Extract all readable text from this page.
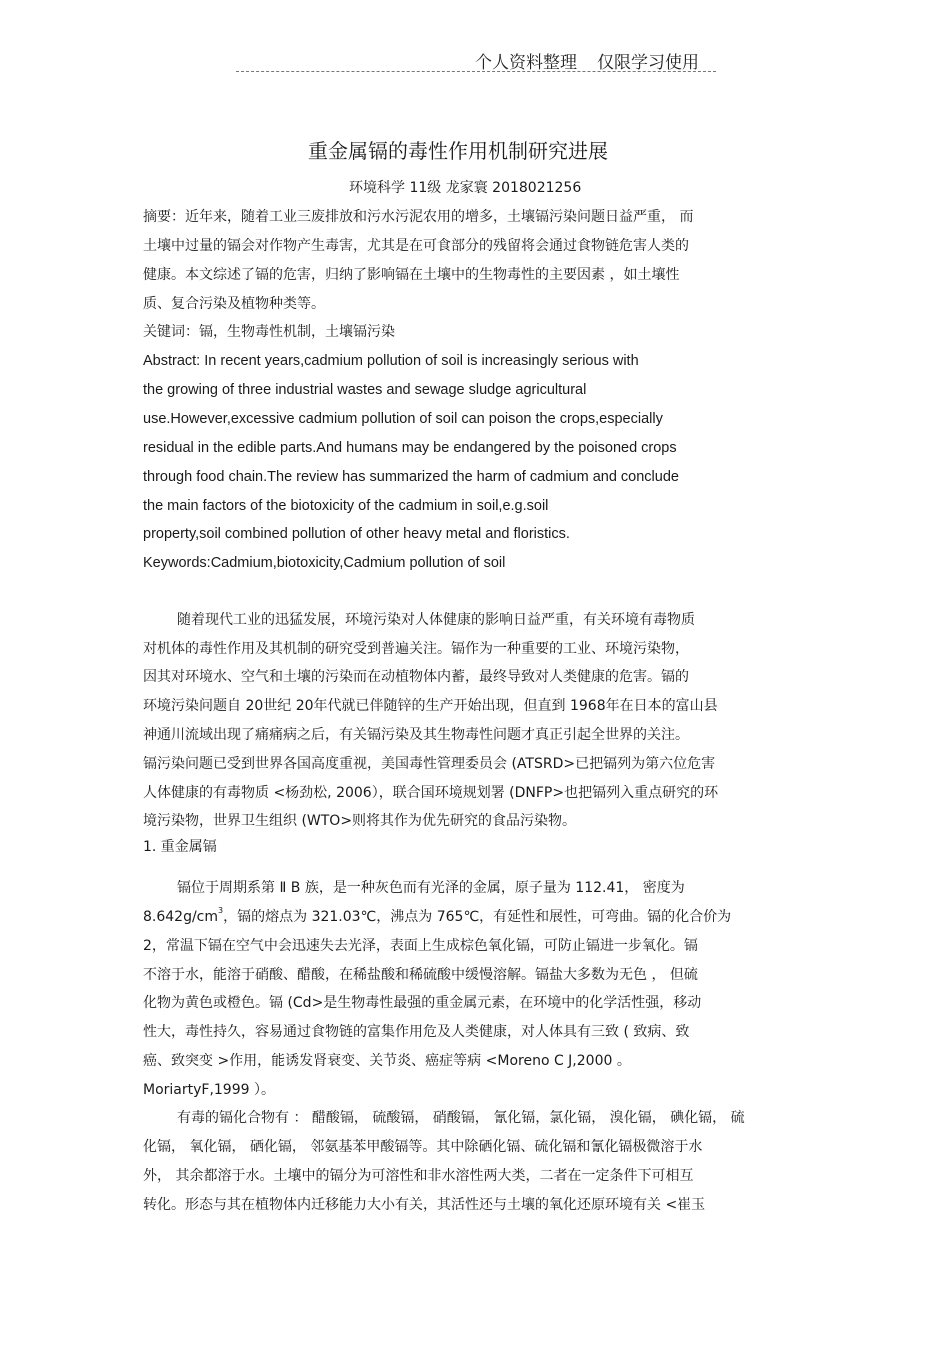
个人资料整理 仅限学习使用
重金属镉的毒性作用机制研究进展
环境科学 11级 龙家寰 2018021256
摘要：近年来，随着工业三废排放和污水污泥农用的增多，土壤镉污染问题日益严重， 而
土壤中过量的镉会对作物产生毒害，尤其是在可食部分的残留将会通过食物链危害人类的
健康。本文综述了镉的危害，归纳了影响镉在土壤中的生物毒性的主要因素 ，如土壤性
质、复合污染及植物种类等。
关键词：镉，生物毒性机制，土壤镉污染
Abstract: In recent years,cadmium pollution of soil is increasingly serious with
the growing of three industrial wastes and sewage sludge agricultural
use.However,excessive cadmium pollution of soil can poison the crops,especially
residual in the edible parts.And humans may be endangered by the poisoned crops
through food chain.The review has summarized the harm of cadmium and conclude
the main factors of the biotoxicity of the cadmium in soil,e.g.soil
property,soil combined pollution of other heavy metal and floristics.
Keywords:Cadmium,biotoxicity,Cadmium pollution of soil
随着现代工业的迅猛发展，环境污染对人体健康的影响日益严重，有关环境有毒物质
对机体的毒性作用及其机制的研究受到普遍关注。镉作为一种重要的工业、环境污染物，
因其对环境水、空气和土壤的污染而在动植物体内蓄，最终导致对人类健康的危害。镉的
环境污染问题自 20世纪 20年代就已伴随锌的生产开始出现，但直到 1968年在日本的富山县
神通川流域出现了痛痛病之后，有关镉污染及其生物毒性问题才真正引起全世界的关注。
镉污染问题已受到世界各国高度重视，美国毒性管理委员会 (ATSRD>已把镉列为第六位危害
人体健康的有毒物质 <杨劲松, 2006），联合国环境规划署 (DNFP>也把镉列入重点研究的环
境污染物，世界卫生组织 (WTO>则将其作为优先研究的食品污染物。
1. 重金属镉
镉位于周期系第 Ⅱ B 族，是一种灰色而有光泽的金属，原子量为 112.41， 密度为
$8.642g/cm^3$，镉的熔点为 321.03℃，沸点为 765℃，有延性和展性，可弯曲。镉的化合价为
2，常温下镉在空气中会迅速失去光泽，表面上生成棕色氧化镉，可防止镉进一步氧化。镉
不溶于水，能溶于硝酸、醋酸，在稀盐酸和稀硫酸中缓慢溶解。镉盐大多数为无色 ， 但硫
化物为黄色或橙色。镉 (Cd>是生物毒性最强的重金属元素，在环境中的化学活性强，移动
性大，毒性持久，容易通过食物链的富集作用危及人类健康，对人体具有三致 ( 致病、致
癌、致突变 >作用，能诱发肾衰变、关节炎、癌症等病 <Moreno C J,2000 。
MoriartyF,1999 ）。
有毒的镉化合物有 ： 醋酸镉， 硫酸镉， 硝酸镉， 氰化镉，氯化镉， 溴化镉， 碘化镉， 硫
化镉， 氧化镉， 硒化镉， 邻氨基苯甲酸镉等。其中除硒化镉、硫化镉和氰化镉极微溶于水
外， 其余都溶于水。土壤中的镉分为可溶性和非水溶性两大类，二者在一定条件下可相互
转化。形态与其在植物体内迁移能力大小有关，其活性还与土壤的氧化还原环境有关 <崔玉
